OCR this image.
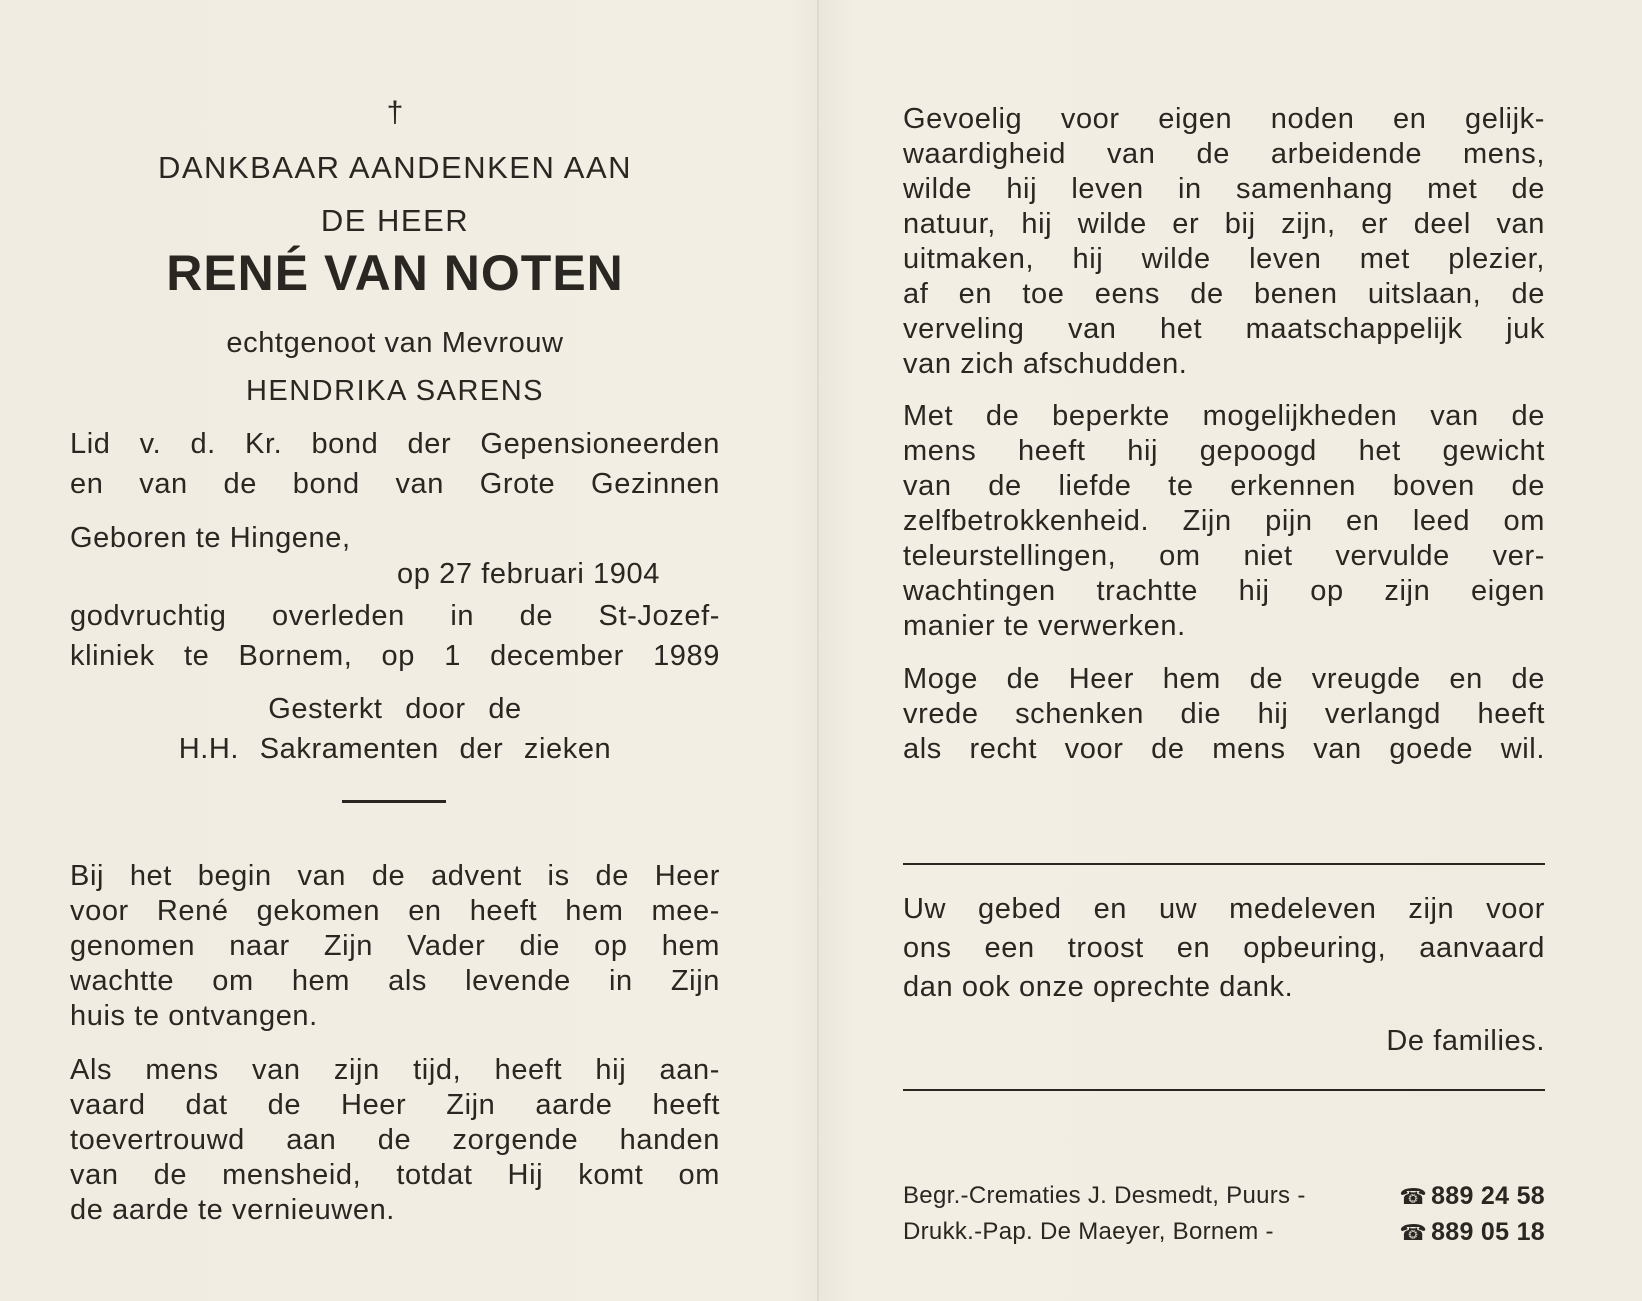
†
DANKBAAR AANDENKEN AAN
DE HEER
RENÉ VAN NOTEN
echtgenoot van Mevrouw
HENDRIKA SARENS
Lid v. d. Kr. bond der Gepensioneerden
en van de bond van Grote Gezinnen
Geboren te Hingene,
op 27 februari 1904
godvruchtig overleden in de St-Jozef-
kliniek te Bornem, op 1 december 1989
Gesterkt door de
H.H. Sakramenten der zieken
Bij het begin van de advent is de Heer
voor René gekomen en heeft hem mee-
genomen naar Zijn Vader die op hem
wachtte om hem als levende in Zijn
huis te ontvangen.
Als mens van zijn tijd, heeft hij aan-
vaard dat de Heer Zijn aarde heeft
toevertrouwd aan de zorgende handen
van de mensheid, totdat Hij komt om
de aarde te vernieuwen.
Gevoelig voor eigen noden en gelijk-
waardigheid van de arbeidende mens,
wilde hij leven in samenhang met de
natuur, hij wilde er bij zijn, er deel van
uitmaken, hij wilde leven met plezier,
af en toe eens de benen uitslaan, de
verveling van het maatschappelijk juk
van zich afschudden.
Met de beperkte mogelijkheden van de
mens heeft hij gepoogd het gewicht
van de liefde te erkennen boven de
zelfbetrokkenheid. Zijn pijn en leed om
teleurstellingen, om niet vervulde ver-
wachtingen trachtte hij op zijn eigen
manier te verwerken.
Moge de Heer hem de vreugde en de
vrede schenken die hij verlangd heeft
als recht voor de mens van goede wil.
Uw gebed en uw medeleven zijn voor
ons een troost en opbeuring, aanvaard
dan ook onze oprechte dank.
De families.
Begr.-Crematies J. Desmedt, Puurs -	☎ 889 24 58
Drukk.-Pap. De Maeyer, Bornem -	☎ 889 05 18
